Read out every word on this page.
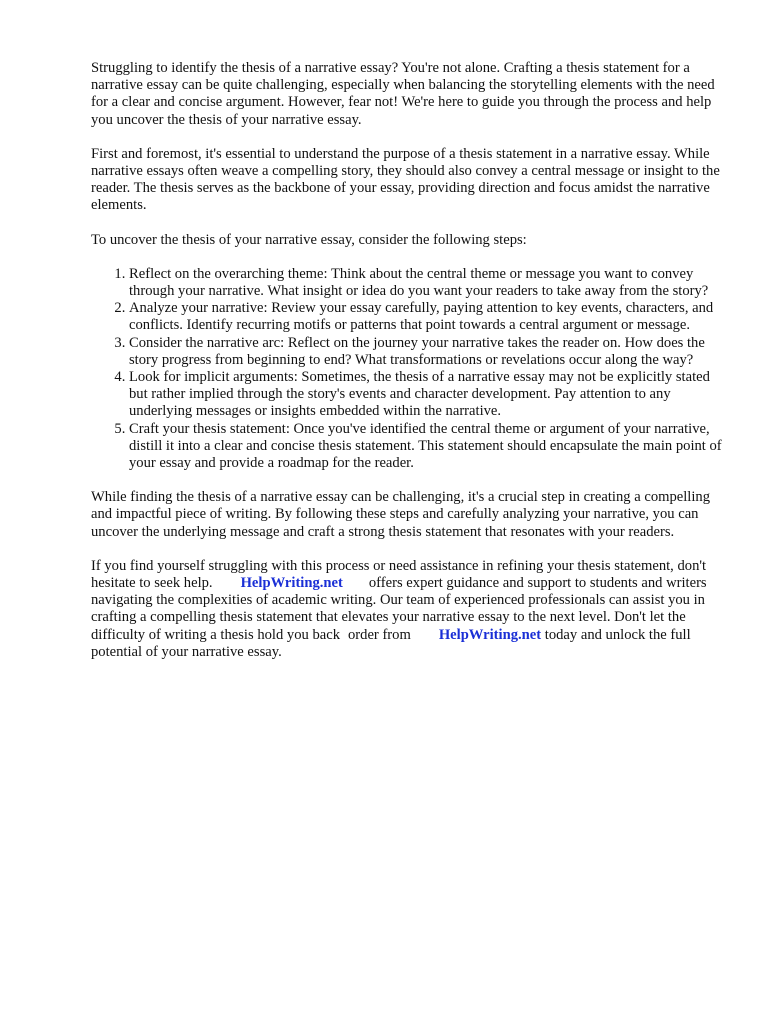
Struggling to identify the thesis of a narrative essay? You're not alone. Crafting a thesis statement for a narrative essay can be quite challenging, especially when balancing the storytelling elements with the need for a clear and concise argument. However, fear not! We're here to guide you through the process and help you uncover the thesis of your narrative essay.

First and foremost, it's essential to understand the purpose of a thesis statement in a narrative essay. While narrative essays often weave a compelling story, they should also convey a central message or insight to the reader. The thesis serves as the backbone of your essay, providing direction and focus amidst the narrative elements.

To uncover the thesis of your narrative essay, consider the following steps:

1. Reflect on the overarching theme: Think about the central theme or message you want to convey through your narrative. What insight or idea do you want your readers to take away from the story?
2. Analyze your narrative: Review your essay carefully, paying attention to key events, characters, and conflicts. Identify recurring motifs or patterns that point towards a central argument or message.
3. Consider the narrative arc: Reflect on the journey your narrative takes the reader on. How does the story progress from beginning to end? What transformations or revelations occur along the way?
4. Look for implicit arguments: Sometimes, the thesis of a narrative essay may not be explicitly stated but rather implied through the story's events and character development. Pay attention to any underlying messages or insights embedded within the narrative.
5. Craft your thesis statement: Once you've identified the central theme or argument of your narrative, distill it into a clear and concise thesis statement. This statement should encapsulate the main point of your essay and provide a roadmap for the reader.

While finding the thesis of a narrative essay can be challenging, it's a crucial step in creating a compelling and impactful piece of writing. By following these steps and carefully analyzing your narrative, you can uncover the underlying message and craft a strong thesis statement that resonates with your readers.

If you find yourself struggling with this process or need assistance in refining your thesis statement, don't hesitate to seek help. HelpWriting.net offers expert guidance and support to students and writers navigating the complexities of academic writing. Our team of experienced professionals can assist you in crafting a compelling thesis statement that elevates your narrative essay to the next level. Don't let the difficulty of writing a thesis hold you back order from HelpWriting.net today and unlock the full potential of your narrative essay.
